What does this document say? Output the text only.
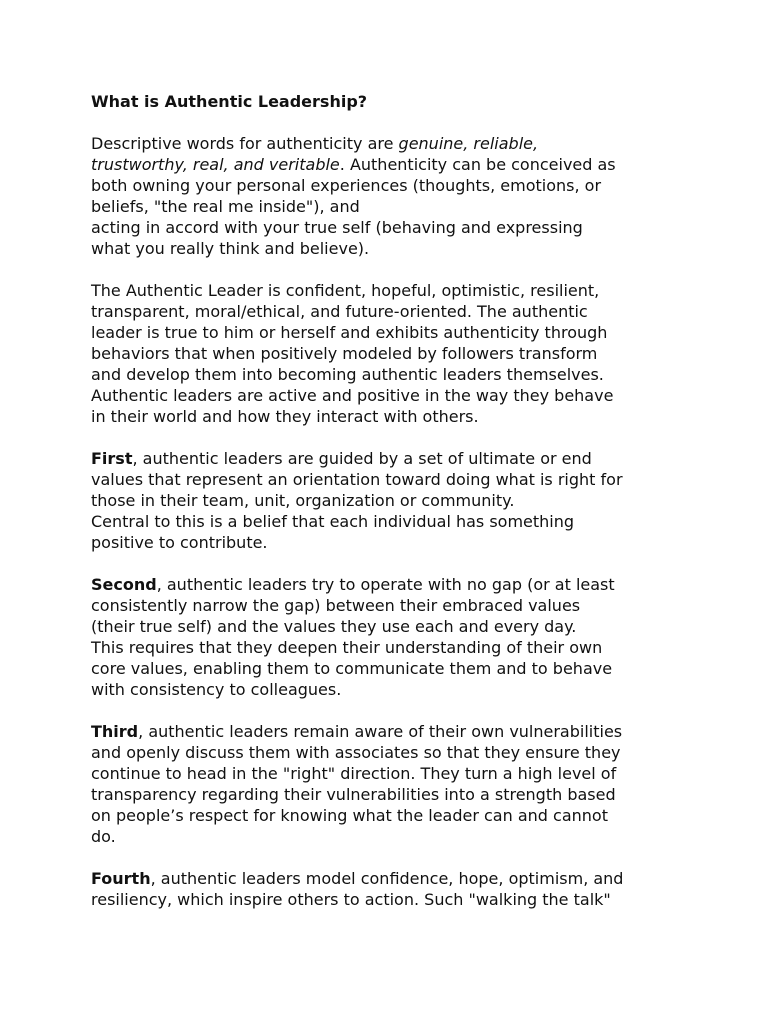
What is Authentic Leadership?

Descriptive words for authenticity are genuine, reliable,
trustworthy, real, and veritable. Authenticity can be conceived as
both owning your personal experiences (thoughts, emotions, or
beliefs, "the real me inside"), and
acting in accord with your true self (behaving and expressing
what you really think and believe).

The Authentic Leader is confident, hopeful, optimistic, resilient,
transparent, moral/ethical, and future-oriented. The authentic
leader is true to him or herself and exhibits authenticity through
behaviors that when positively modeled by followers transform
and develop them into becoming authentic leaders themselves.
Authentic leaders are active and positive in the way they behave
in their world and how they interact with others.

First, authentic leaders are guided by a set of ultimate or end
values that represent an orientation toward doing what is right for
those in their team, unit, organization or community.
Central to this is a belief that each individual has something
positive to contribute.

Second, authentic leaders try to operate with no gap (or at least
consistently narrow the gap) between their embraced values
(their true self) and the values they use each and every day.
This requires that they deepen their understanding of their own
core values, enabling them to communicate them and to behave
with consistency to colleagues.

Third, authentic leaders remain aware of their own vulnerabilities
and openly discuss them with associates so that they ensure they
continue to head in the "right" direction. They turn a high level of
transparency regarding their vulnerabilities into a strength based
on people’s respect for knowing what the leader can and cannot
do.

Fourth, authentic leaders model confidence, hope, optimism, and
resiliency, which inspire others to action. Such "walking the talk"
